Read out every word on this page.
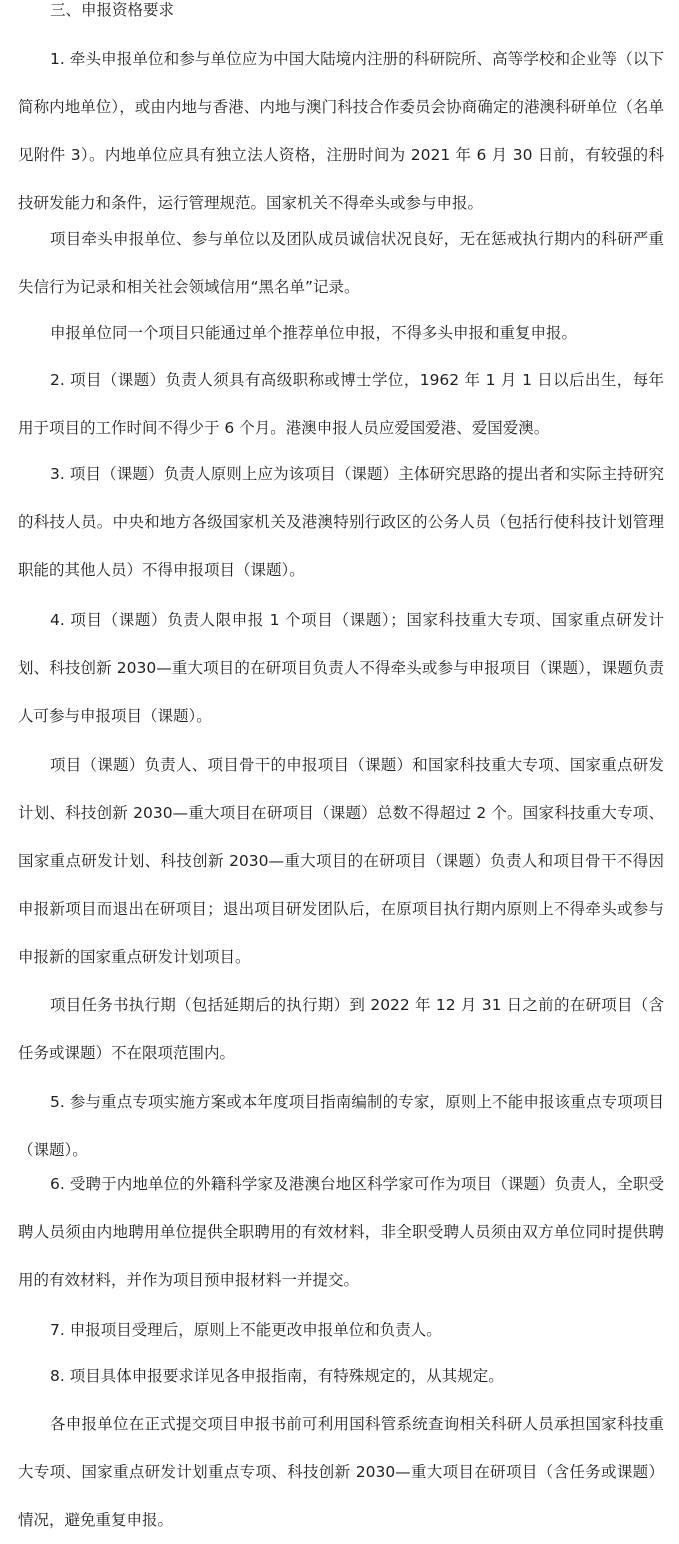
三、申报资格要求

1. 牵头申报单位和参与单位应为中国大陆境内注册的科研院所、高等学校和企业等（以下简称内地单位），或由内地与香港、内地与澳门科技合作委员会协商确定的港澳科研单位（名单见附件 3）。内地单位应具有独立法人资格，注册时间为 2021 年 6 月 30 日前，有较强的科技研发能力和条件，运行管理规范。国家机关不得牵头或参与申报。

项目牵头申报单位、参与单位以及团队成员诚信状况良好，无在惩戒执行期内的科研严重失信行为记录和相关社会领域信用“黑名单”记录。

申报单位同一个项目只能通过单个推荐单位申报，不得多头申报和重复申报。

2. 项目（课题）负责人须具有高级职称或博士学位，1962 年 1 月 1 日以后出生，每年用于项目的工作时间不得少于 6 个月。港澳申报人员应爱国爱港、爱国爱澳。

3. 项目（课题）负责人原则上应为该项目（课题）主体研究思路的提出者和实际主持研究的科技人员。中央和地方各级国家机关及港澳特别行政区的公务人员（包括行使科技计划管理职能的其他人员）不得申报项目（课题）。

4. 项目（课题）负责人限申报 1 个项目（课题）；国家科技重大专项、国家重点研发计划、科技创新 2030—重大项目的在研项目负责人不得牵头或参与申报项目（课题），课题负责人可参与申报项目（课题）。

项目（课题）负责人、项目骨干的申报项目（课题）和国家科技重大专项、国家重点研发计划、科技创新 2030—重大项目在研项目（课题）总数不得超过 2 个。国家科技重大专项、国家重点研发计划、科技创新 2030—重大项目的在研项目（课题）负责人和项目骨干不得因申报新项目而退出在研项目；退出项目研发团队后，在原项目执行期内原则上不得牵头或参与申报新的国家重点研发计划项目。

项目任务书执行期（包括延期后的执行期）到 2022 年 12 月 31 日之前的在研项目（含任务或课题）不在限项范围内。

5. 参与重点专项实施方案或本年度项目指南编制的专家，原则上不能申报该重点专项项目（课题）。

6. 受聘于内地单位的外籍科学家及港澳台地区科学家可作为项目（课题）负责人，全职受聘人员须由内地聘用单位提供全职聘用的有效材料，非全职受聘人员须由双方单位同时提供聘用的有效材料，并作为项目预申报材料一并提交。

7. 申报项目受理后，原则上不能更改申报单位和负责人。

8. 项目具体申报要求详见各申报指南，有特殊规定的，从其规定。

各申报单位在正式提交项目申报书前可利用国科管系统查询相关科研人员承担国家科技重大专项、国家重点研发计划重点专项、科技创新 2030—重大项目在研项目（含任务或课题）情况，避免重复申报。
